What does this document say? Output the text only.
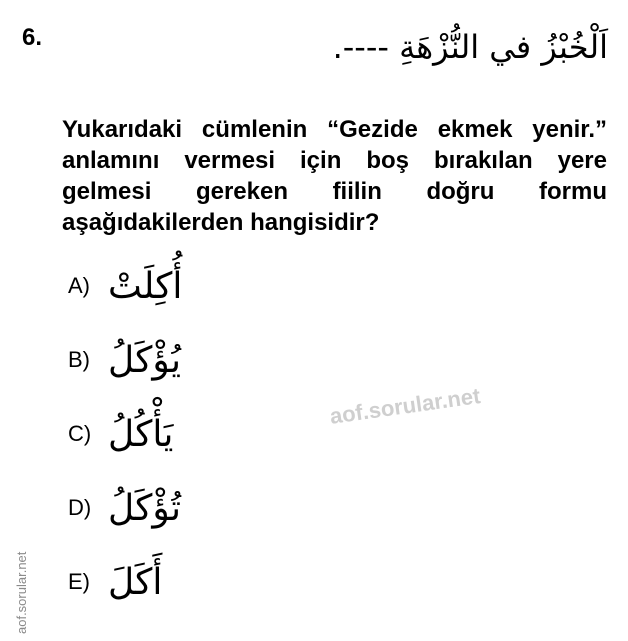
6.	اَلْخُبْزُ في النُّزْهَةِ ----.
Yukarıdaki cümlenin “Gezide ekmek yenir.” anlamını vermesi için boş bırakılan yere gelmesi gereken fiilin doğru formu aşağıdakilerden hangisidir?
A) أُكِلَتْ
B) يُؤْكَلُ
C) يَأْكُلُ
D) تُؤْكَلُ
E) أَكَلَ
aof.sorular.net
aof.sorular.net
